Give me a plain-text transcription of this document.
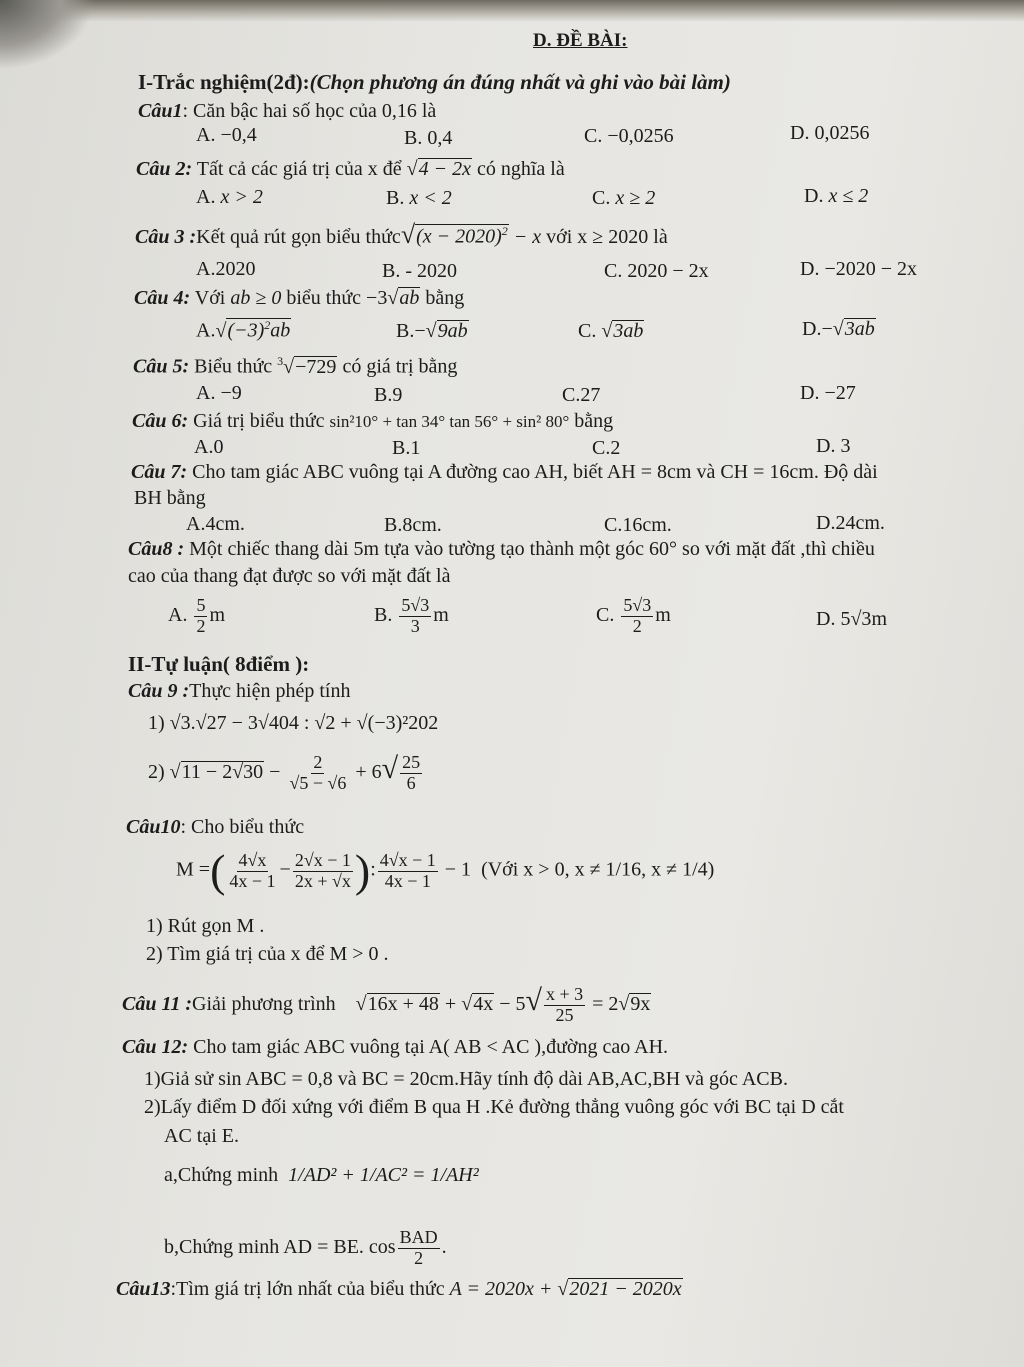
D. ĐỀ BÀI:
I-Trắc nghiệm(2đ):(Chọn phương án đúng nhất và ghi vào bài làm)
Câu1: Căn bậc hai số học của 0,16 là
A. −0,4	B. 0,4	C. −0,0256	D. 0,0256
Câu 2: Tất cả các giá trị của x để √4 − 2x có nghĩa là
A. x > 2	B. x < 2	C. x ≥ 2	D. x ≤ 2
Câu 3 :Kết quả rút gọn biểu thức√(x − 2020)$^2$ − x với x ≥ 2020 là
A.2020	B. - 2020	C. 2020 − 2x	D. −2020 − 2x
Câu 4: Với ab ≥ 0 biểu thức −3√ab bằng
$A.√(-3)^2ab$	B.−√9ab	C. √3ab	D.−√3ab
Câu 5: Biểu thức $^3$√−729 có giá trị bằng
A. −9	B.9	C.27	D. −27
Câu 6: Giá trị biểu thức sin²10° + tan 34° tan 56° + sin² 80° bằng
A.0	B.1	C.2	D. 3
Câu 7: Cho tam giác ABC vuông tại A đường cao AH, biết AH = 8cm và CH = 16cm. Độ dài
BH bằng
A.4cm.	B.8cm.	C.16cm.	D.24cm.
Câu8 : Một chiếc thang dài 5m tựa vào tường tạo thành một góc 60° so với mặt đất ,thì chiều
cao của thang đạt được so với mặt đất là
A. $\frac{5}{2}$ m	B. $\frac{5√3}{3}$ m	C. $\frac{5√3}{2}$ m	D. 5√3m
II-Tự luận( 8điểm ):
Câu 9 :Thực hiện phép tính
1) √3.√27 − 3√404 : √2 + √(−3)²202
2) $√11 - 2√30 - \frac{2}{√5 - √6} + 6√ \frac{25}{6}$
Câu10: Cho biểu thức
M =( $\frac{4√x}{4x - 1} - \frac{2√x - 1}{2x + √x}$ ): $\frac{4√x - 1}{4x - 1} - 1$ (Với x > 0, x ≠ 1/16, x ≠ 1/4)
1) Rút gọn M .
2) Tìm giá trị của x để M > 0 .
Câu 11 :Giải phương trình $√16x + 48 + √4x - 5√ \frac{x + 3}{25} = 2√9x$
Câu 12: Cho tam giác ABC vuông tại A( AB < AC ),đường cao AH.
1)Giả sử sin ABC = 0,8 và BC = 20cm.Hãy tính độ dài AB,AC,BH và góc ACB.
2)Lấy điểm D đối xứng với điểm B qua H .Kẻ đường thẳng vuông góc với BC tại D cắt
AC tại E.
a,Chứng minh 1/AD² + 1/AC² = 1/AH²
b,Chứng minh AD = BE. cos BAD
2 .
Câu13:Tìm giá trị lớn nhất của biểu thức A = 2020x + √2021 − 2020x
